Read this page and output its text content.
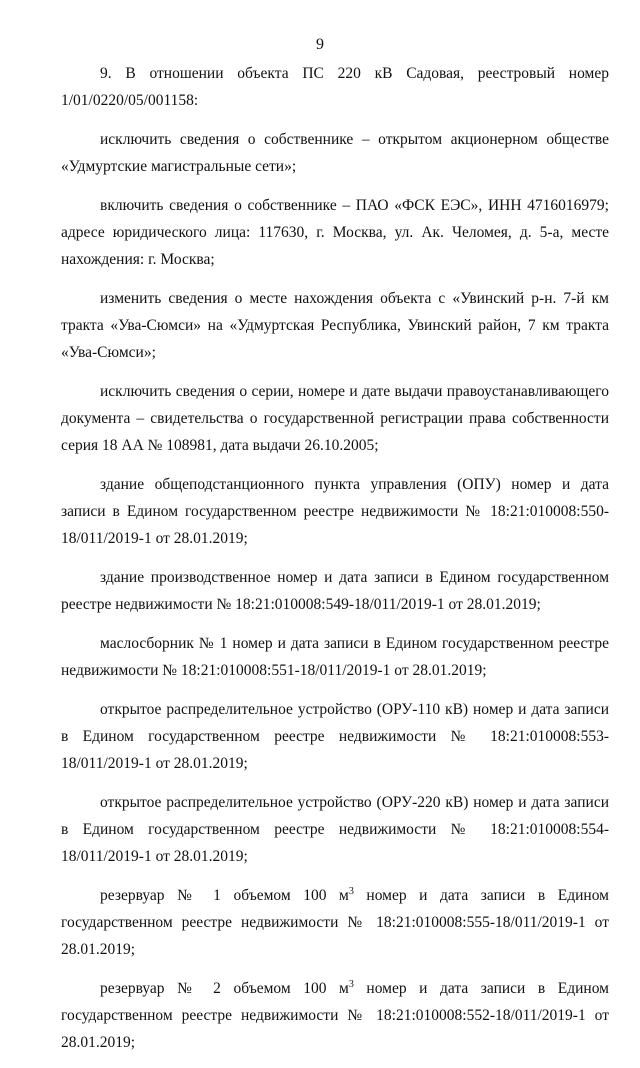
9

9. В отношении объекта ПС 220 кВ Садовая, реестровый номер 1/01/0220/05/001158:

исключить сведения о собственнике – открытом акционерном обществе «Удмуртские магистральные сети»;

включить сведения о собственнике – ПАО «ФСК ЕЭС», ИНН 4716016979; адресе юридического лица: 117630, г. Москва, ул. Ак. Челомея, д. 5-а, месте нахождения: г. Москва;

изменить сведения о месте нахождения объекта с «Увинский р-н. 7-й км тракта «Ува-Сюмси» на «Удмуртская Республика, Увинский район, 7 км тракта «Ува-Сюмси»;

исключить сведения о серии, номере и дате выдачи правоустанавливающего документа – свидетельства о государственной регистрации права собственности серия 18 АА № 108981, дата выдачи 26.10.2005;

здание общеподстанционного пункта управления (ОПУ) номер и дата записи в Едином государственном реестре недвижимости № 18:21:010008:550-18/011/2019-1 от 28.01.2019;

здание производственное номер и дата записи в Едином государственном реестре недвижимости № 18:21:010008:549-18/011/2019-1 от 28.01.2019;

маслосборник № 1 номер и дата записи в Едином государственном реестре недвижимости № 18:21:010008:551-18/011/2019-1 от 28.01.2019;

открытое распределительное устройство (ОРУ-110 кВ) номер и дата записи в Едином государственном реестре недвижимости № 18:21:010008:553-18/011/2019-1 от 28.01.2019;

открытое распределительное устройство (ОРУ-220 кВ) номер и дата записи в Едином государственном реестре недвижимости № 18:21:010008:554-18/011/2019-1 от 28.01.2019;

резервуар № 1 объемом 100 $м^3$ номер и дата записи в Едином государственном реестре недвижимости № 18:21:010008:555-18/011/2019-1 от 28.01.2019;

резервуар № 2 объемом 100 $м^3$ номер и дата записи в Едином государственном реестре недвижимости № 18:21:010008:552-18/011/2019-1 от 28.01.2019;
